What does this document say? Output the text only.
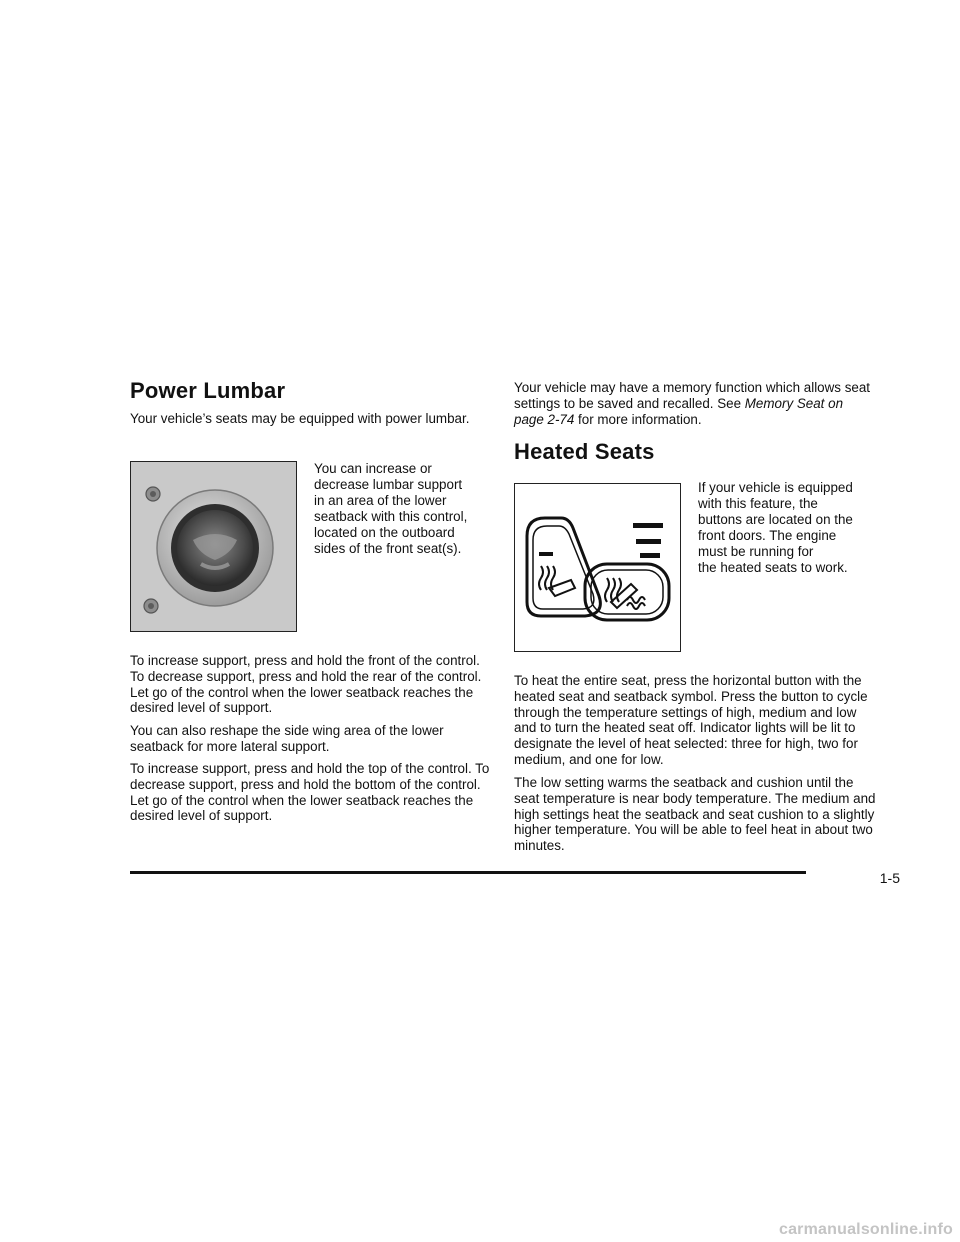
Power Lumbar

Your vehicle’s seats may be equipped with power lumbar.

You can increase or

decrease lumbar support

in an area of the lower

seatback with this control,

located on the outboard

sides of the front seat(s).

To increase support, press and hold the front of the control. To decrease support, press and hold the rear of the control. Let go of the control when the lower seatback reaches the desired level of support.

You can also reshape the side wing area of the lower seatback for more lateral support.

To increase support, press and hold the top of the control. To decrease support, press and hold the bottom of the control. Let go of the control when the lower seatback reaches the desired level of support.

Your vehicle may have a memory function which allows seat settings to be saved and recalled. See Memory Seat on page 2-74 for more information.

Heated Seats

If your vehicle is equipped

with this feature, the

buttons are located on the

front doors. The engine

must be running for

the heated seats to work.

To heat the entire seat, press the horizontal button with the heated seat and seatback symbol. Press the button to cycle through the temperature settings of high, medium and low and to turn the heated seat off. Indicator lights will be lit to designate the level of heat selected: three for high, two for medium, and one for low.

The low setting warms the seatback and cushion until the seat temperature is near body temperature. The medium and high settings heat the seatback and seat cushion to a slightly higher temperature. You will be able to feel heat in about two minutes.

1-5
carmanualsonline.info
